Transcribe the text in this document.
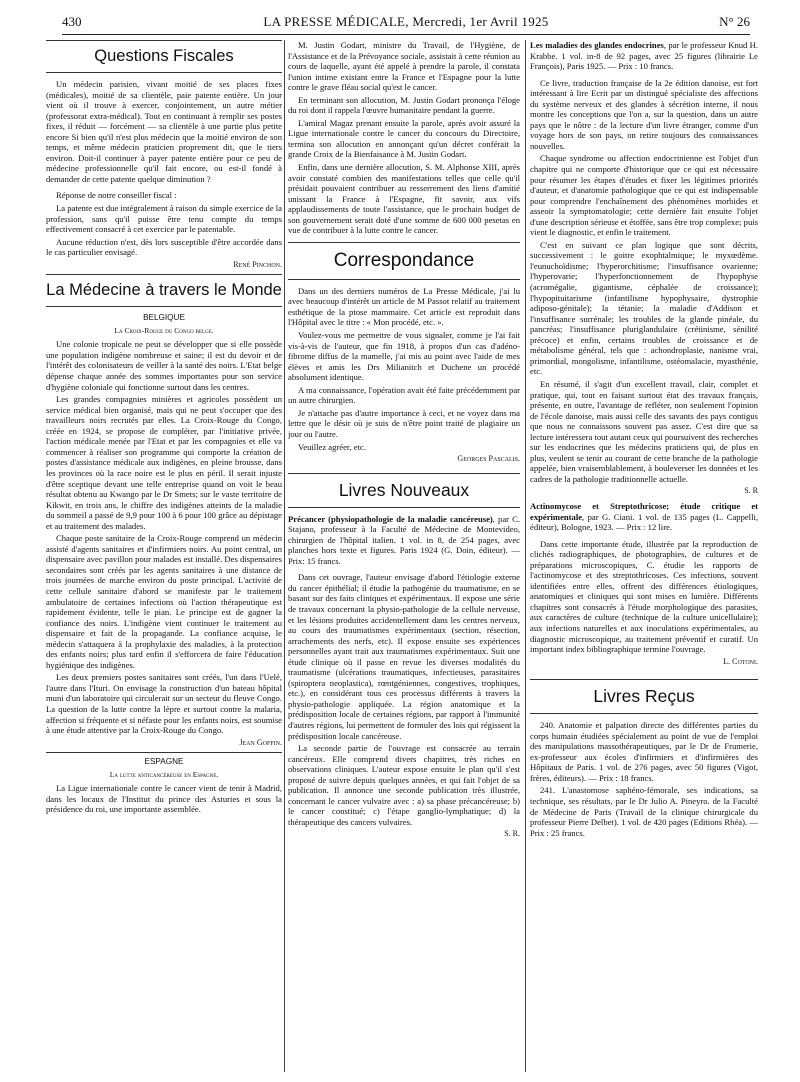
430	LA PRESSE MÉDICALE, Mercredi, 1er Avril 1925	N° 26
Questions Fiscales

Un médecin parisien, vivant moitié de ses places fixes (médicales), moitié de sa clientèle, paie patente entière. Un jour vient où il trouve à exercer, conjointement, un autre métier (professorat extra-médical). Tout en continuant à remplir ses postes fixes, il réduit — forcément — sa clientèle à une partie plus petite encore Si bien qu'il n'est plus médecin que la moitié environ de son temps, et même médecin praticien proprement dit, que le tiers environ. Doit-il continuer à payer patente entière pour ce peu de médecine professionnelle qu'il fait encore, ou est-il fondé à demander de cette patente quelque diminution ?

Réponse de notre conseiller fiscal :

La patente est due intégralement à raison du simple exercice de la profession, sans qu'il puisse être tenu compte du temps effectivement consacré à cet exercice par le patentable.

Aucune réduction n'est, dès lors susceptible d'être accordée dans le cas particulier envisagé.

René Pinchon.

La Médecine à travers le Monde

BELGIQUE

La Croix-Rouge du Congo belge.

Une colonie tropicale ne peut se développer que si elle possède une population indigène nombreuse et saine; il est du devoir et de l'intérêt des colonisateurs de veiller à la santé des noirs. L'Etat belge dépense chaque année des sommes importantes pour son service d'hygiène coloniale qui fonctionne surtout dans les centres.

Les grandes compagnies minières et agricoles possèdent un service médical bien organisé, mais qui ne peut s'occuper que des travailleurs noirs recrutés par elles. La Croix-Rouge du Congo, créée en 1924, se propose de compléter, par l'initiative privée, l'action médicale menée par l'Etat et par les compagnies et elle va commencer à réaliser son programme qui comporte la création de postes d'assistance médicale aux indigènes, en pleine brousse, dans les provinces où la race noire est le plus en péril. Il serait injuste d'être sceptique devant une telle entreprise quand on voit le beau résultat obtenu au Kwango par le Dr Smets; sur le vaste territoire de Kikwit, en trois ans, le chiffre des indigènes atteints de la maladie du sommeil a passé de 9,9 pour 100 à 6 pour 100 grâce au dépistage et au traitement des malades.

Chaque poste sanitaire de la Croix-Rouge comprend un médecin assisté d'agents sanitaires et d'infirmiers noirs. Au point central, un dispensaire avec pavillon pour malades est installé. Des dispensaires secondaires sont créés par les agents sanitaires à une distance de trois journées de marche environ du poste principal. L'activité de cette cellule sanitaire d'abord se manifeste par le traitement ambulatoire de certaines infections où l'action thérapeutique est rapidement évidente, telle le pian. Le principe est de gagner la confiance des noirs. L'indigène vient continuer le traitement au dispensaire et fait de la propagande. La confiance acquise, le médecin s'attaquera à la prophylaxie des maladies, à la protection des enfants noirs; plus tard enfin il s'efforcera de faire l'éducation hygiénique des indigènes.

Les deux premiers postes sanitaires sont créés, l'un dans l'Uelé, l'autre dans l'Ituri. On envisage la construction d'un bateau hôpital muni d'un laboratoire qui circulerait sur un secteur du fleuve Congo. La question de la lutte contre la lèpre et surtout contre la malaria, affection si fréquente et si néfaste pour les enfants noirs, est soumise à une étude attentive par la Croix-Rouge du Congo.

Jean Goffin.

ESPAGNE

La lutte anticancéreuse en Espagne.

La Ligue internationale contre le cancer vient de tenir à Madrid, dans les locaux de l'Institut du prince des Asturies et sous la présidence du roi, une importante assemblée.

M. Justin Godart, ministre du Travail, de l'Hygiène, de l'Assistance et de la Prévoyance sociale, assistait à cette réunion au cours de laquelle, ayant été appelé à prendre la parole, il constata l'union intime existant entre la France et l'Espagne pour la lutte contre le grave fléau social qu'est le cancer.

En terminant son allocution, M. Justin Godart prononça l'éloge du roi dont il rappela l'œuvre humanitaire pendant la guerre.

L'amiral Magaz prenant ensuite la parole, après avoir assuré la Ligue internationale contre le cancer du concours du Directoire, termina son allocution en annonçant qu'un décret conférait la grande Croix de la Bienfaisance à M. Justin Godart.

Enfin, dans une dernière allocution, S. M. Alphonse XIII, après avoir constaté combien des manifestations telles que celle qu'il présidait pouvaient contribuer au resserrement des liens d'amitié unissant la France à l'Espagne, fit savoir, aux vifs applaudissements de toute l'assistance, que le prochain budget de son gouvernement serait doté d'une somme de 600 000 pesetas en vue de contribuer à la lutte contre le cancer.

Correspondance

Dans un des derniers numéros de La Presse Médicale, j'ai lu avec beaucoup d'intérêt un article de M Passot relatif au traitement esthétique de la ptose mammaire. Cet article est reproduit dans l'Hôpital avec le titre : « Mon procédé, etc. ».

Voulez-vous me permettre de vous signaler, comme je l'ai fait vis-à-vis de l'auteur, que fin 1918, à propos d'un cas d'adéno-fibrome diffus de la mamelle, j'ai mis au point avec l'aide de mes élèves et amis les Drs Milianitch et Duchene un procédé absolument identique.

A ma connaissance, l'opération avait été faite précédemment par un autre chirurgien.

Je n'attache pas d'autre importance à ceci, et ne voyez dans ma lettre que le désir où je suis de n'être point traité de plagiaire un jour ou l'autre.

Veuillez agréer, etc.

Georges Pascalis.

Livres Nouveaux

Précancer (physiopathologie de la maladie cancéreuse), par C. Stajano, professeur à la Faculté de Médecine de Montevideo, chirurgien de l'hôpital italien. 1 vol. in 8, de 254 pages, avec planches hors texte et figures. Paris 1924 (G. Doin, éditeur). — Prix: 15 francs.

Dans cet ouvrage, l'auteur envisage d'abord l'étiologie externe du cancer épithélial; il étudie la pathogénie du traumatisme, en se basant sur des faits cliniques et expérimentaux. Il expose une série de travaux concernant la physio-pathologie de la cellule nerveuse, et les lésions produites accidentellement dans les centres nerveux, au cours des traumatismes expérimentaux (section, résection, arrachements des nerfs, etc). Il expose ensuite ses expériences personnelles ayant trait aux traumatismes expérimentaux. Suit une étude clinique où il passe en revue les diverses modalités du traumatisme (ulcérations traumatiques, infectieuses, parasitaires (spiroptera neoplastica), rœntgéniennes, congestives, trophiques, etc.), en considérant tous ces processus différents à travers la physio-pathologie appliquée. La région anatomique et la prédisposition locale de certaines régions, par rapport à l'immunité d'autres régions, lui permettent de formuler des lois qui régissent la prédisposition locale cancéreuse.

La seconde partie de l'ouvrage est consacrée au terrain cancéreux. Elle comprend divers chapitres, très riches en observations cliniques. L'auteur expose ensuite le plan qu'il s'est proposé de suivre depuis quelques années, et qui fait l'objet de sa publication. Il annonce une seconde publication très illustrée, concernant le cancer vulvaire avec : a) sa phase précancéreuse; b) le cancer constitué; c) l'étape ganglio-lymphatique; d) la thérapeutique des cancers vulvaires.

S. R.

Les maladies des glandes endocrines, par le professeur Knud H. Krabbe. 1 vol. in-8 de 92 pages, avec 25 figures (librairie Le François), Paris 1925. — Prix : 10 francs.

Ce livre, traduction française de la 2e édition danoise, est fort intéressant à lire Ecrit par un distingué spécialiste des affections du système nerveux et des glandes à sécrétion interne, il nous montre les conceptions que l'on a, sur la question, dans un autre pays que le nôtre : de la lecture d'un livre étranger, comme d'un voyage hors de son pays, on retire toujours des connaissances nouvelles.

Chaque syndrome ou affection endocrinienne est l'objet d'un chapitre qui ne comporte d'historique que ce qui est nécessaire pour résumer les étapes d'études et fixer les légitimes priorités d'auteur, et d'anatomie pathologique que ce qui est indispensable pour comprendre l'enchaînement des phénomènes morbides et asseoir la symptomatologie; cette dernière fait ensuite l'objet d'une description sérieuse et étoffée, sans être trop complexe; puis vient le diagnostic, et enfin le traitement.

C'est en suivant ce plan logique que sont décrits, successivement : le goitre exophtalmique; le myxœdème. l'eunuchoïdisme; l'hyperorchitisme; l'insuffisance ovarienne; l'hyperovarie; l'hyperfonctionnement de l'hypophyse (acromégalie, gigantisme, céphalée de croissance); l'hypopituitarisme (infantilisme hypophysaire, dystrophie adiposo-génitale); la tétanie; la maladie d'Addison et l'insuffisance surrénale; les troubles de la glande pinéale, du pancréas; l'insuffisance pluriglandulaire (crétinisme, sénilité précoce) et enfin, certains troubles de croissance et de métabolisme général, tels que : achondroplasie, nanisme vrai, primordial, mongolisme, infantilisme, ostéomalacie, myasthénie, etc.

En résumé, il s'agit d'un excellent travail, clair, complet et pratique, qui, tout en faisant surtout état des travaux français, présente, en outre, l'avantage de refléter, non seulement l'opinion de l'école danoise, mais aussi celle des savants des pays contigus que nous ne connaissons souvent pas assez. C'est dire que sa lecture intéressera tout autant ceux qui poursuivent des recherches sur les endocrines que les médecins praticiens qui, de plus en plus, veulent se tenir au courant de cette branche de la pathologie appelée, bien vraisemblablement, à bouleverser les données et les cadres de la pathologie traditionnelle actuelle.

S. R

Actinomycose et Streptothricose; étude critique et expérimentale, par G. Ciani. 1 vol. de 135 pages (L. Cappelli, éditeur), Bologne, 1923. — Prix : 12 lire.

Dans cette importante étude, illustrée par la reproduction de clichés radiographiques, de photographies, de cultures et de préparations microscopiques, C. étudie les rapports de l'actinomycose et des streptothricoses. Ces infections, souvent identifiées entre elles, offrent des différences étiologiques, anatomiques et cliniques qui sont mises en lumière. Différents chapitres sont consacrés à l'étude morphologique des parasites, aux caractères de culture (technique de la culture unicellulaire); aux infections naturelles et aux inoculations expérimentales, au diagnostic microscopique, au traitement préventif et curatif. Un important index bibliographique termine l'ouvrage.

L. Cotoni.

Livres Reçus

240. Anatomie et palpation directe des différentes parties du corps humain étudiées spécialement au point de vue de l'emploi des manipulations massothérapeutiques, par le Dr de Frumerie, ex-professeur aux écoles d'infirmiers et d'infirmières des Hôpitaux de Paris. 1 vol. de 276 pages, avec 50 figures (Vigot, frères, éditeurs). — Prix : 18 francs.

241. L'anastomose saphéno-fémorale, ses indications, sa technique, ses résultats, par le Dr Julio A. Pineyro. de la Faculté de Médecine de Paris (Travail de la clinique chirurgicale du professeur Pierre Delbet). 1 vol. de 420 pages (Editions Rhéa). — Prix : 25 francs.
